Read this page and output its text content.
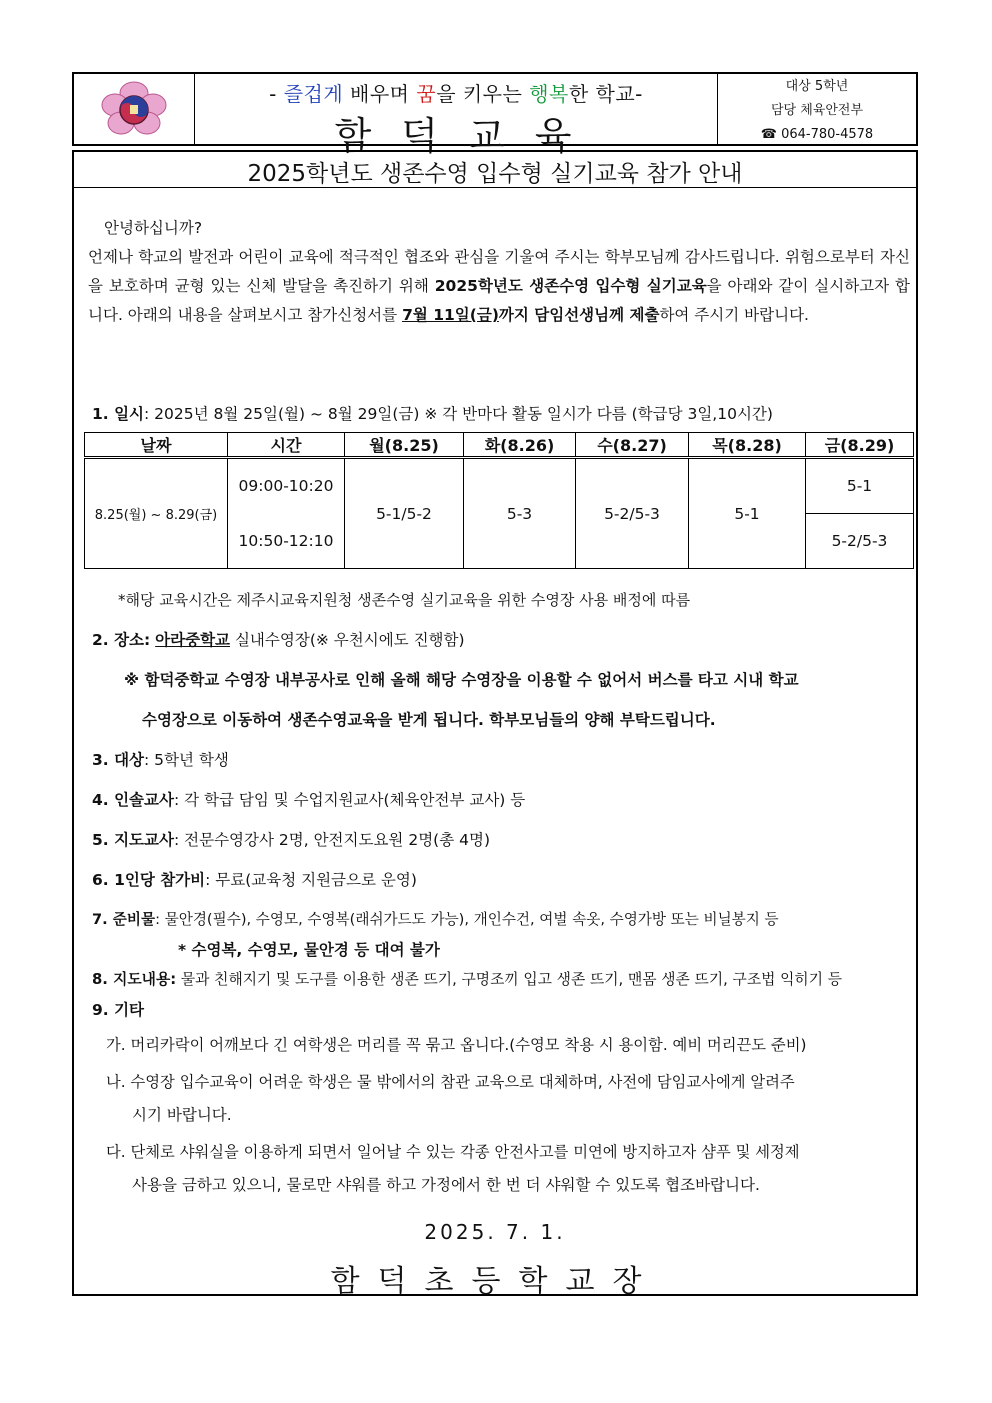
- 즐겁게 배우며 꿈을 키우는 행복한 학교-
함덕교육
대상 5학년
담당 체육안전부
☎ 064-780-4578
2025학년도 생존수영 입수형 실기교육 참가 안내
안녕하십니까?
언제나 학교의 발전과 어린이 교육에 적극적인 협조와 관심을 기울여 주시는 학부모님께 감사드립니다. 위험으로부터 자신을 보호하며 균형 있는 신체 발달을 촉진하기 위해 2025학년도 생존수영 입수형 실기교육을 아래와 같이 실시하고자 합니다. 아래의 내용을 살펴보시고 참가신청서를 7월 11일(금)까지 담임선생님께 제출하여 주시기 바랍니다.
1. 일시: 2025년 8월 25일(월) ~ 8월 29일(금) ※ 각 반마다 활동 일시가 다름 (학급당 3일,10시간)
날짜	시간	월(8.25)	화(8.26)	수(8.27)	목(8.28)	금(8.29)
8.25(월) ~ 8.29(금)	09:00-10:20	5-1/5-2	5-3	5-2/5-3	5-1	5-1
	10:50-12:10					5-2/5-3
*해당 교육시간은 제주시교육지원청 생존수영 실기교육을 위한 수영장 사용 배정에 따름
2. 장소: 아라중학교 실내수영장(※ 우천시에도 진행함)
※ 함덕중학교 수영장 내부공사로 인해 올해 해당 수영장을 이용할 수 없어서 버스를 타고 시내 학교
수영장으로 이동하여 생존수영교육을 받게 됩니다. 학부모님들의 양해 부탁드립니다.
3. 대상: 5학년 학생
4. 인솔교사: 각 학급 담임 및 수업지원교사(체육안전부 교사) 등
5. 지도교사: 전문수영강사 2명, 안전지도요원 2명(총 4명)
6. 1인당 참가비: 무료(교육청 지원금으로 운영)
7. 준비물: 물안경(필수), 수영모, 수영복(래쉬가드도 가능), 개인수건, 여벌 속옷, 수영가방 또는 비닐봉지 등
* 수영복, 수영모, 물안경 등 대여 불가
8. 지도내용: 물과 친해지기 및 도구를 이용한 생존 뜨기, 구명조끼 입고 생존 뜨기, 맨몸 생존 뜨기, 구조법 익히기 등
9. 기타
가. 머리카락이 어깨보다 긴 여학생은 머리를 꼭 묶고 옵니다.(수영모 착용 시 용이함. 예비 머리끈도 준비)
나. 수영장 입수교육이 어려운 학생은 물 밖에서의 참관 교육으로 대체하며, 사전에 담임교사에게 알려주
시기 바랍니다.
다. 단체로 샤워실을 이용하게 되면서 일어날 수 있는 각종 안전사고를 미연에 방지하고자 샴푸 및 세정제
사용을 금하고 있으니, 물로만 샤워를 하고 가정에서 한 번 더 샤워할 수 있도록 협조바랍니다.
2025. 7. 1.
함덕초등학교장
